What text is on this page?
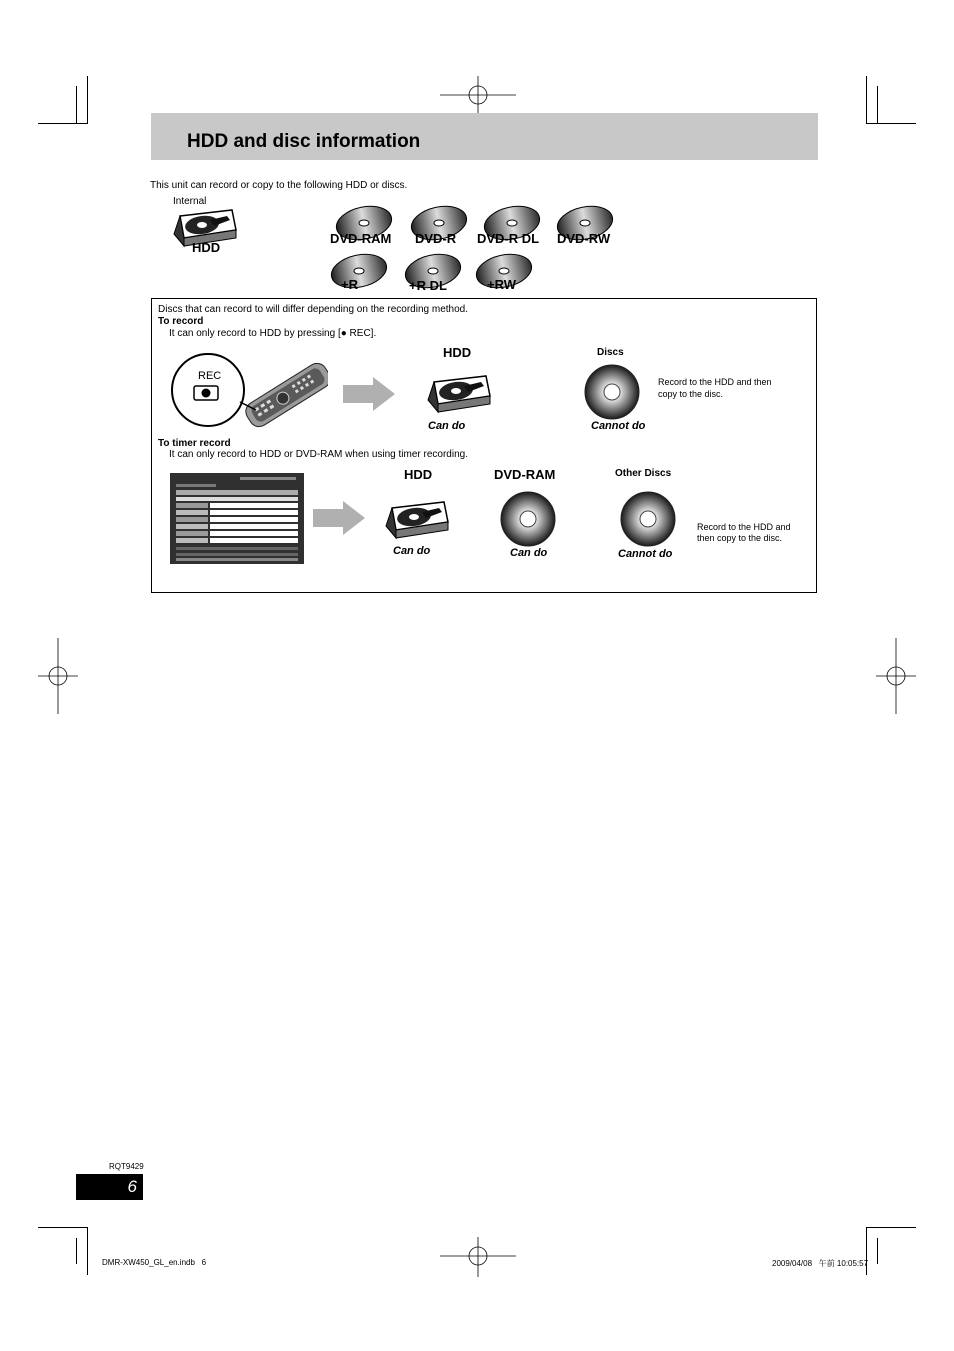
HDD and disc information
This unit can record or copy to the following HDD or discs.
Internal
HDD
DVD-RAM DVD-R DVD-R DL DVD-RW
+R	+R DL	+RW
Discs that can record to will differ depending on the recording method.
To record
It can only record to HDD by pressing [● REC].
REC
HDD
Can do
Discs
Cannot do
Record to the HDD and then copy to the disc.
To timer record
It can only record to HDD or DVD-RAM when using timer recording.
HDD
Can do
DVD-RAM
Can do
Other Discs
Cannot do
Record to the HDD and then copy to the disc.
RQT9429
6
DMR-XW450_GL_en.indb   6	2009/04/08   午前 10:05:57
